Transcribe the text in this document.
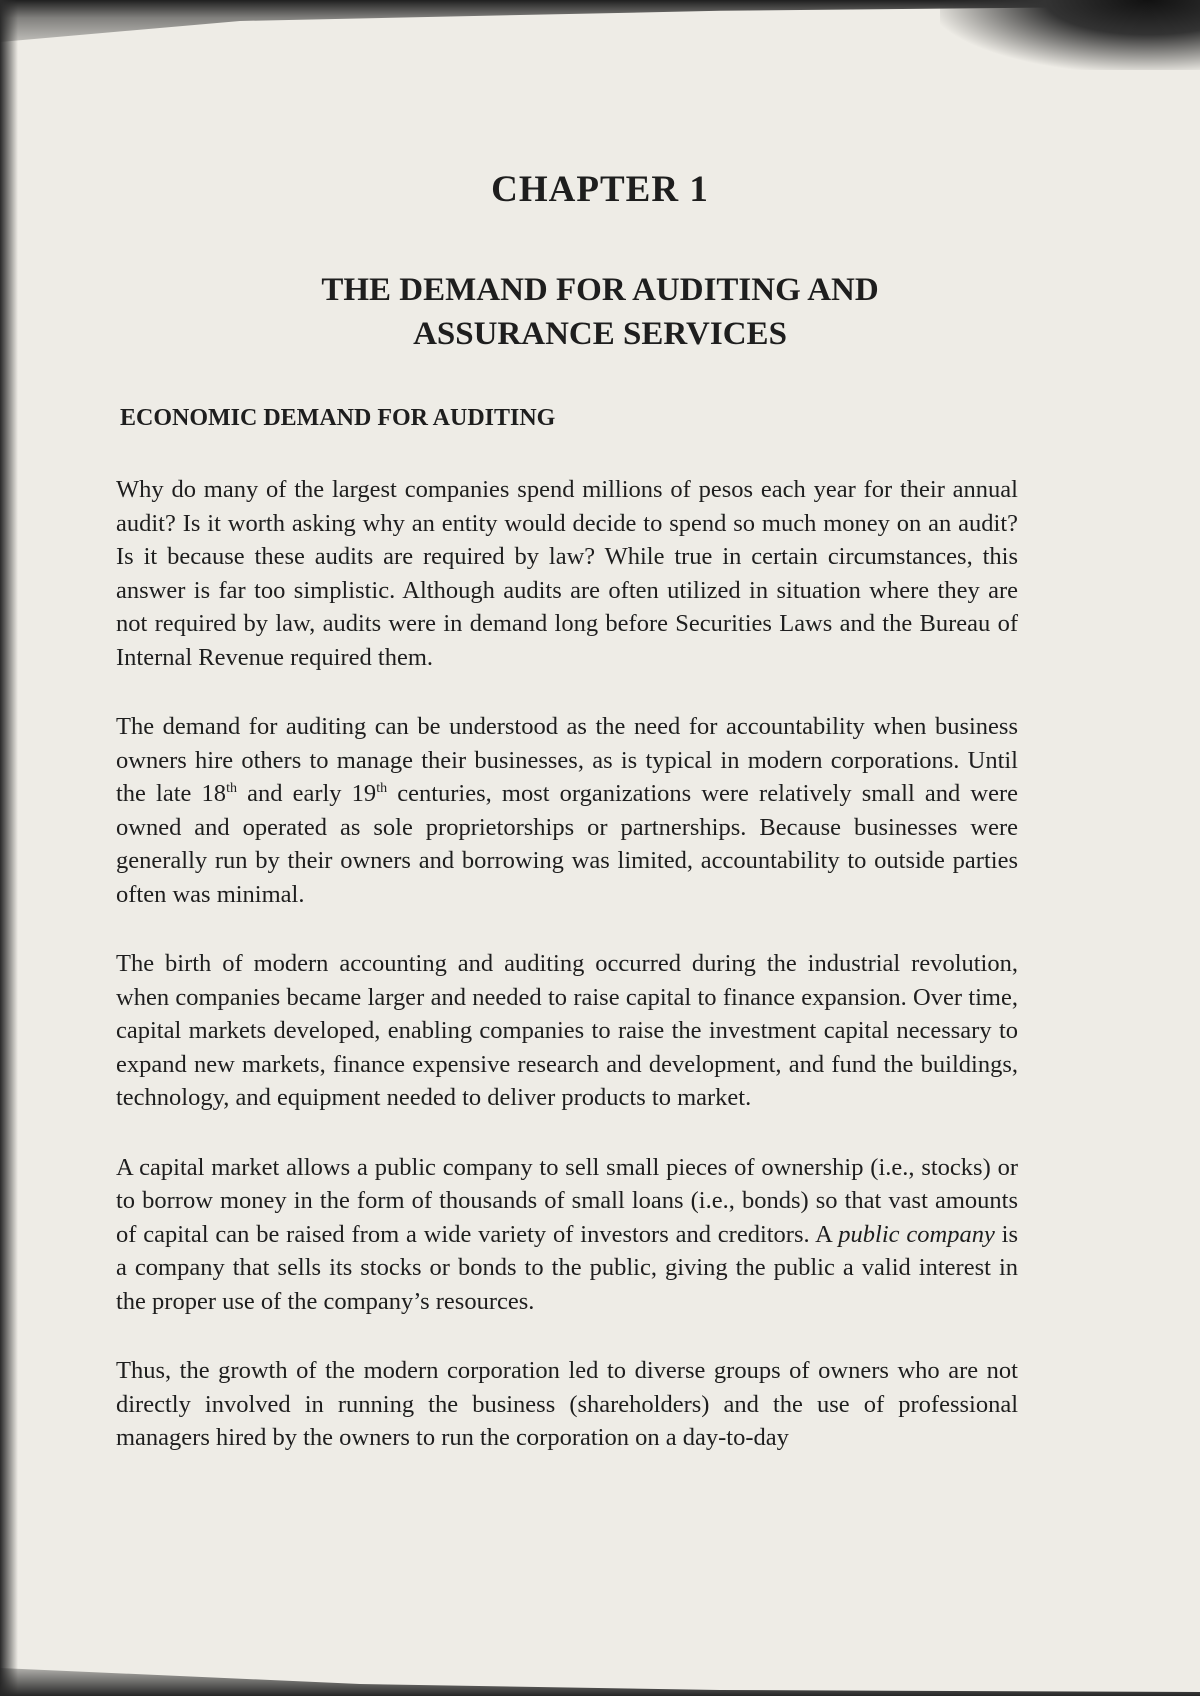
CHAPTER 1
THE DEMAND FOR AUDITING AND
ASSURANCE SERVICES
ECONOMIC DEMAND FOR AUDITING

Why do many of the largest companies spend millions of pesos each year for their annual audit? Is it worth asking why an entity would decide to spend so much money on an audit? Is it because these audits are required by law? While true in certain circumstances, this answer is far too simplistic. Although audits are often utilized in situation where they are not required by law, audits were in demand long before Securities Laws and the Bureau of Internal Revenue required them.

The demand for auditing can be understood as the need for accountability when business owners hire others to manage their businesses, as is typical in modern corporations. Until the late 18th and early 19th centuries, most organizations were relatively small and were owned and operated as sole proprietorships or partnerships. Because businesses were generally run by their owners and borrowing was limited, accountability to outside parties often was minimal.

The birth of modern accounting and auditing occurred during the industrial revolution, when companies became larger and needed to raise capital to finance expansion. Over time, capital markets developed, enabling companies to raise the investment capital necessary to expand new markets, finance expensive research and development, and fund the buildings, technology, and equipment needed to deliver products to market.

A capital market allows a public company to sell small pieces of ownership (i.e., stocks) or to borrow money in the form of thousands of small loans (i.e., bonds) so that vast amounts of capital can be raised from a wide variety of investors and creditors. A public company is a company that sells its stocks or bonds to the public, giving the public a valid interest in the proper use of the company’s resources.

Thus, the growth of the modern corporation led to diverse groups of owners who are not directly involved in running the business (shareholders) and the use of professional managers hired by the owners to run the corporation on a day-to-day
